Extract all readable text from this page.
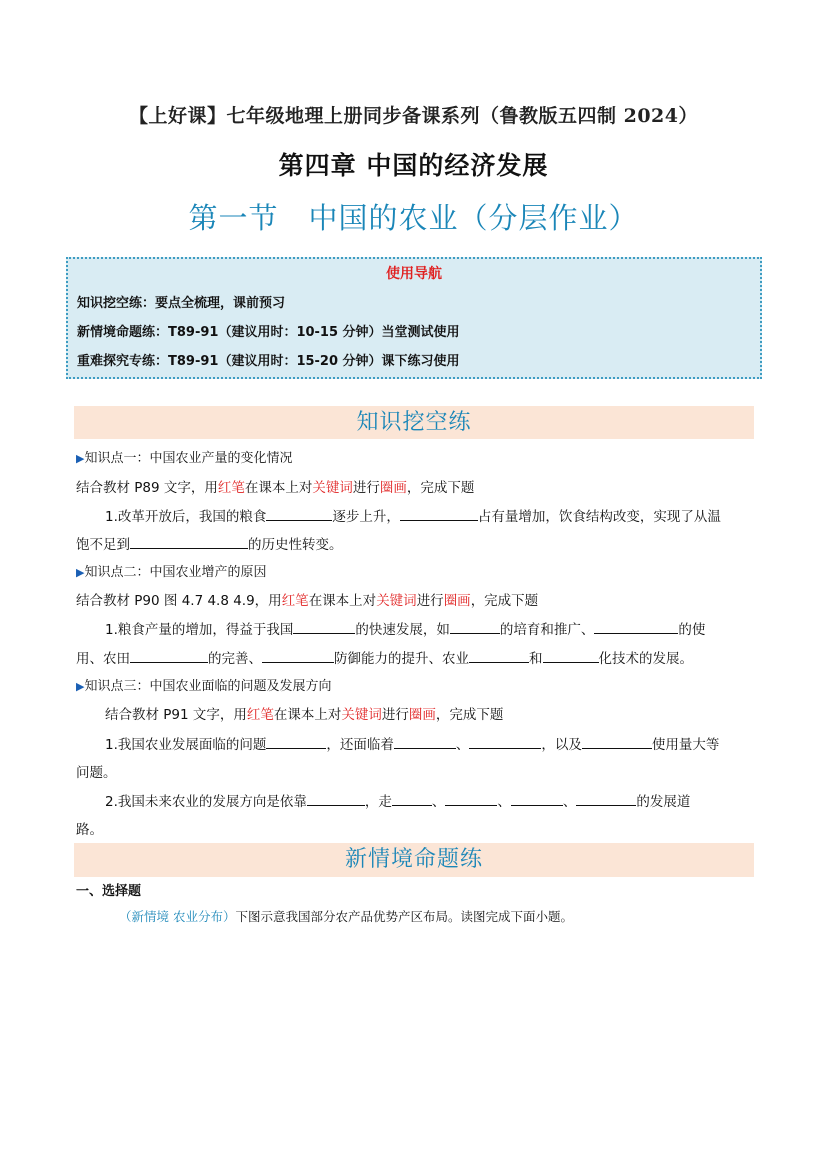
【上好课】七年级地理上册同步备课系列（鲁教版五四制 2024）
第四章 中国的经济发展
第一节 中国的农业（分层作业）
使用导航
知识挖空练：要点全梳理，课前预习
新情境命题练：T89-91（建议用时：10-15 分钟）当堂测试使用
重难探究专练：T89-91（建议用时：15-20 分钟）课下练习使用
知识挖空练
▶知识点一：中国农业产量的变化情况
结合教材 P89 文字，用红笔在课本上对关键词进行圈画，完成下题
1.改革开放后，我国的粮食	逐步上升，	占有量增加，饮食结构改变，实现了从温
饱不足到	的历史性转变。
▶知识点二：中国农业增产的原因
结合教材 P90 图 4.7 4.8 4.9，用红笔在课本上对关键词进行圈画，完成下题
1.粮食产量的增加，得益于我国	的快速发展，如	的培育和推广、	的使
用、农田	的完善、	防御能力的提升、农业	和	化技术的发展。
▶知识点三：中国农业面临的问题及发展方向
结合教材 P91 文字，用红笔在课本上对关键词进行圈画，完成下题
1.我国农业发展面临的问题	，还面临着	、	，以及	使用量大等
问题。
2.我国未来农业的发展方向是依靠	，走	、	、	、	的发展道
路。
新情境命题练
一、选择题
（新情境 农业分布）下图示意我国部分农产品优势产区布局。读图完成下面小题。
